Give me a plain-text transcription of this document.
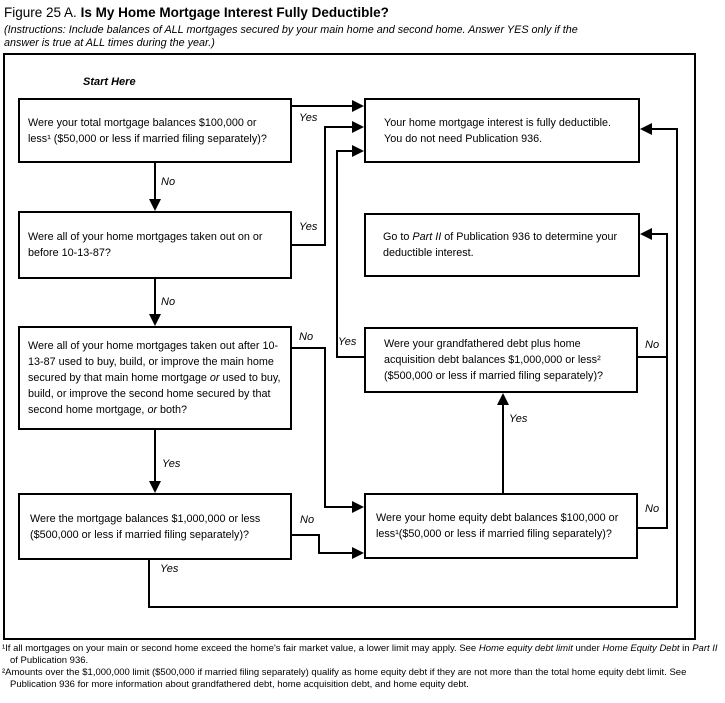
Figure 25 A. Is My Home Mortgage Interest Fully Deductible?
(Instructions: Include balances of ALL mortgages secured by your main home and second home. Answer YES only if the answer is true at ALL times during the year.)
Start Here
Were your total mortgage balances $100,000 or less¹ ($50,000 or less if married filing separately)?
Your home mortgage interest is fully deductible. You do not need Publication 936.
Were all of your home mortgages taken out on or before 10-13-87?
Go to Part II of Publication 936 to determine your deductible interest.
Were all of your home mortgages taken out after 10-13-87 used to buy, build, or improve the main home secured by that main home mortgage or used to buy, build, or improve the second home secured by that second home mortgage, or both?
Were your grandfathered debt plus home acquisition debt balances $1,000,000 or less² ($500,000 or less if married filing separately)?
Were the mortgage balances $1,000,000 or less ($500,000 or less if married filing separately)?
Were your home equity debt balances $100,000 or less¹($50,000 or less if married filing separately)?
Yes
No
Yes
No
No
Yes
Yes	No
No
Yes
Yes
No

¹If all mortgages on your main or second home exceed the home's fair market value, a lower limit may apply. See Home equity debt limit under Home Equity Debt in Part II of Publication 936.

²Amounts over the $1,000,000 limit ($500,000 if married filing separately) qualify as home equity debt if they are not more than the total home equity debt limit. See Publication 936 for more information about grandfathered debt, home acquisition debt, and home equity debt.
